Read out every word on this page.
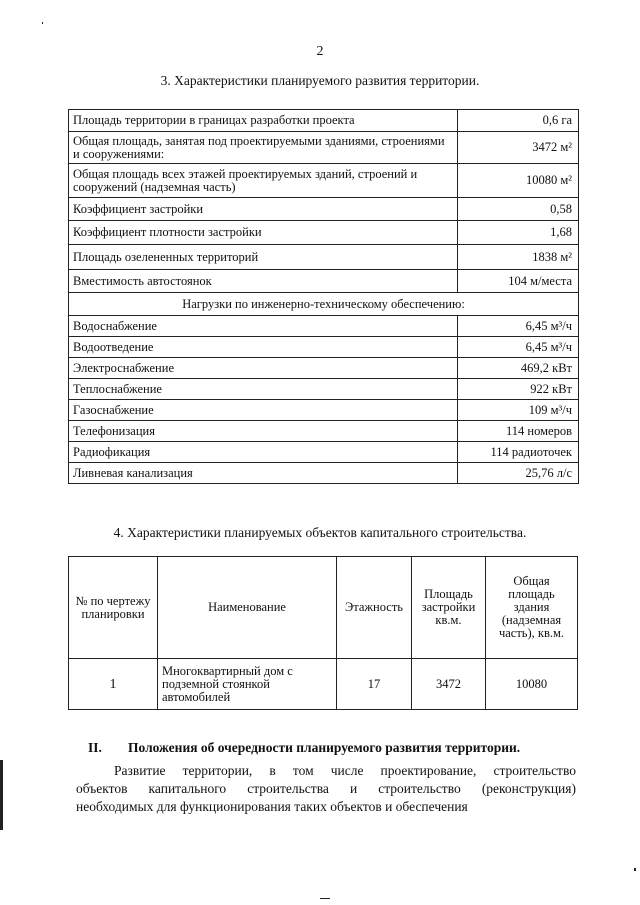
2
3. Характеристики планируемого развития территории.
Площадь территории в границах разработки проекта	0,6 га
Общая площадь, занятая под проектируемыми зданиями, строениями и сооружениями:	3472 м²
Общая площадь всех этажей проектируемых зданий, строений и сооружений (надземная часть)	10080 м²
Коэффициент застройки	0,58
Коэффициент плотности застройки	1,68
Площадь озелененных территорий	1838 м²
Вместимость автостоянок	104 м/места
Нагрузки по инженерно-техническому обеспечению:	
Водоснабжение	6,45 м³/ч
Водоотведение	6,45 м³/ч
Электроснабжение	469,2 кВт
Теплоснабжение	922 кВт
Газоснабжение	109 м³/ч
Телефонизация	114 номеров
Радиофикация	114 радиоточек
Ливневая канализация	25,76 л/с
4. Характеристики планируемых объектов капитального строительства.
№ по чертежу планировки	Наименование	Этажность	Площадь застройки кв.м.	Общая площадь здания (надземная часть), кв.м.
1	Многоквартирный дом с подземной стоянкой автомобилей	17	3472	10080
II. Положения об очередности планируемого развития территории.
Развитие территории, в том числе проектирование, строительство
объектов капитального строительства и строительство (реконструкция)
необходимых для функционирования таких объектов и обеспечения
